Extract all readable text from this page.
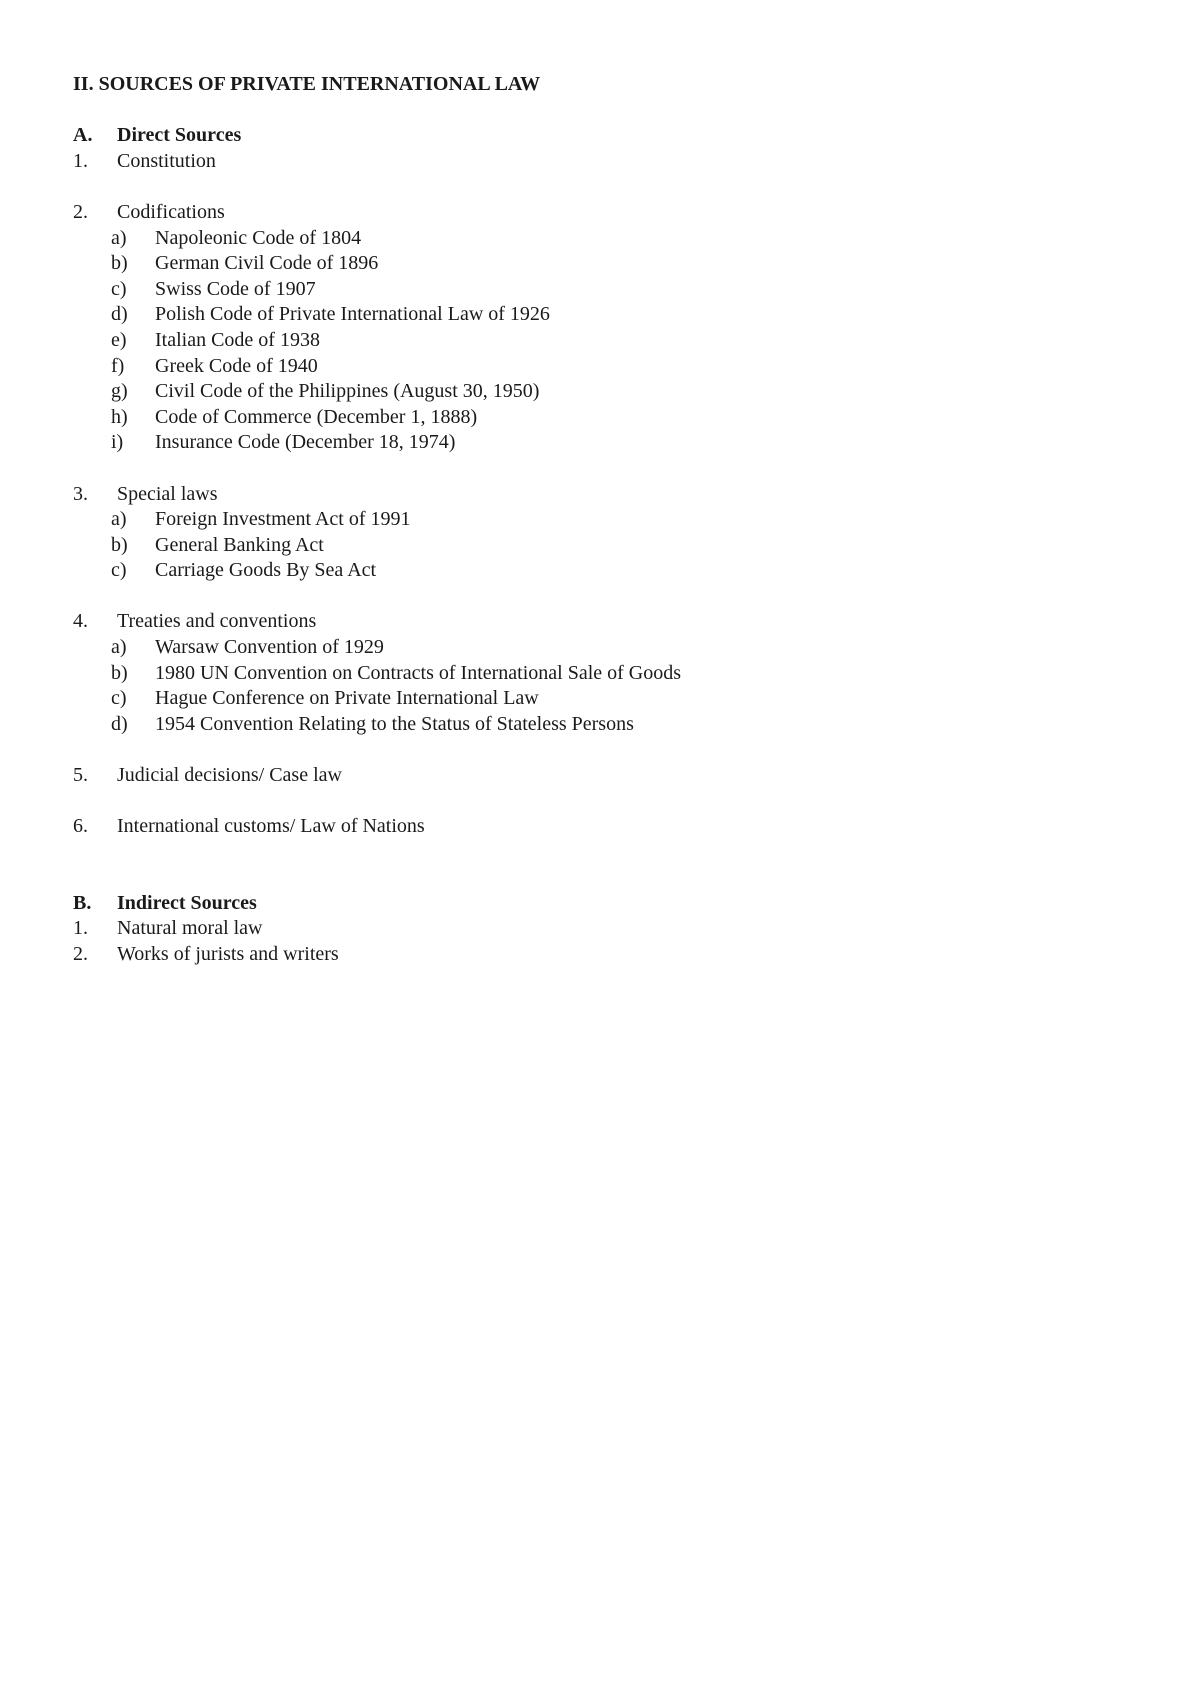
II. SOURCES OF PRIVATE INTERNATIONAL LAW
A. Direct Sources
1. Constitution
2. Codifications
a) Napoleonic Code of 1804
b) German Civil Code of 1896
c) Swiss Code of 1907
d) Polish Code of Private International Law of 1926
e) Italian Code of 1938
f) Greek Code of 1940
g) Civil Code of the Philippines (August 30, 1950)
h) Code of Commerce (December 1, 1888)
i) Insurance Code (December 18, 1974)
3. Special laws
a) Foreign Investment Act of 1991
b) General Banking Act
c) Carriage Goods By Sea Act
4. Treaties and conventions
a) Warsaw Convention of 1929
b) 1980 UN Convention on Contracts of International Sale of Goods
c) Hague Conference on Private International Law
d) 1954 Convention Relating to the Status of Stateless Persons
5. Judicial decisions/ Case law
6. International customs/ Law of Nations
B. Indirect Sources
1. Natural moral law
2. Works of jurists and writers
